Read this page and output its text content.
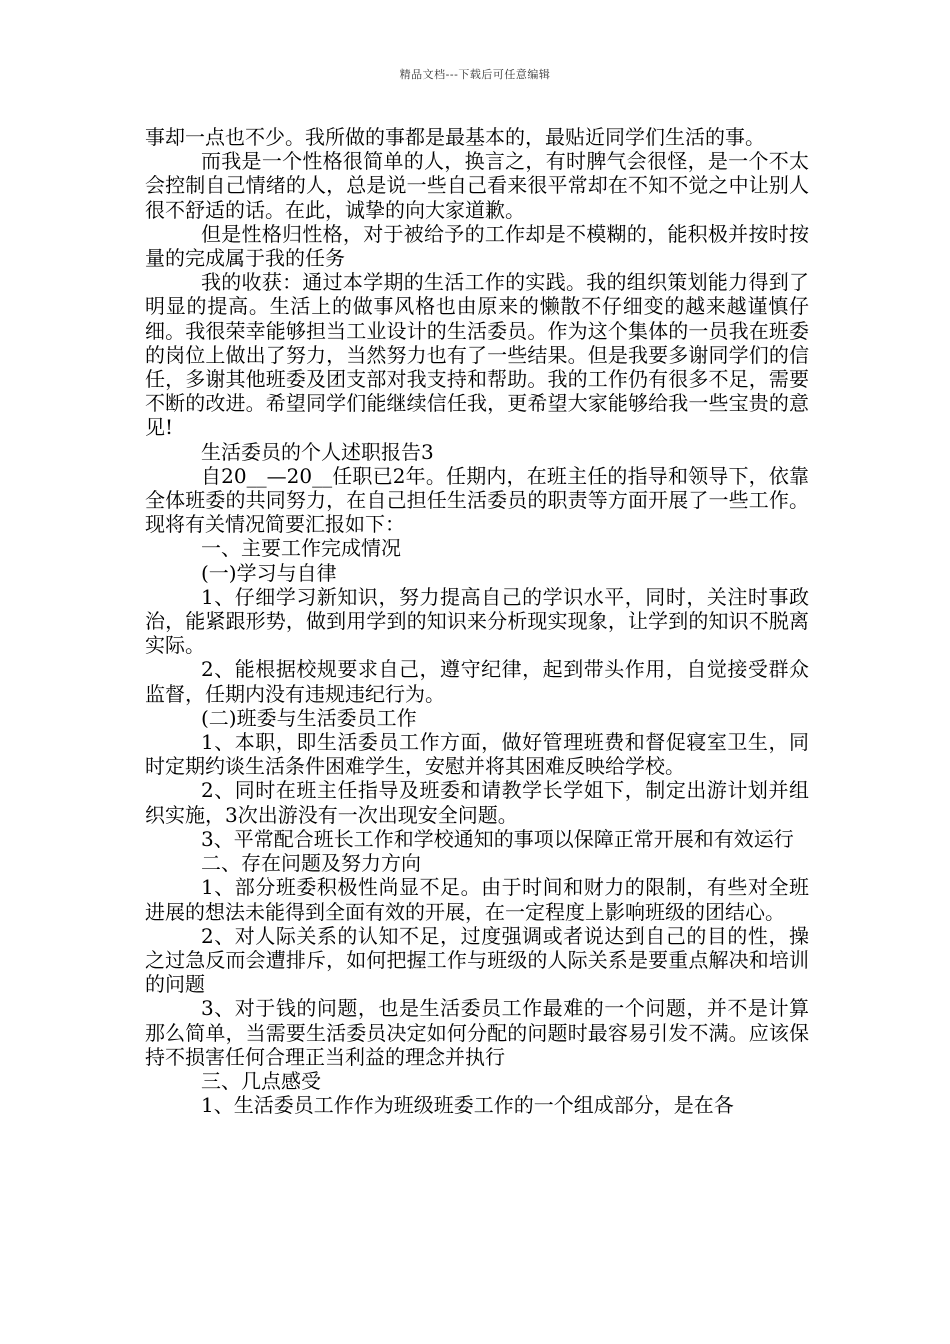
精品文档---下载后可任意编辑

事却一点也不少。我所做的事都是最基本的，最贴近同学们生活的事。

而我是一个性格很简单的人，换言之，有时脾气会很怪，是一个不太会控制自己情绪的人，总是说一些自己看来很平常却在不知不觉之中让别人很不舒适的话。在此，诚挚的向大家道歉。

但是性格归性格，对于被给予的工作却是不模糊的，能积极并按时按量的完成属于我的任务

我的收获：通过本学期的生活工作的实践。我的组织策划能力得到了明显的提高。生活上的做事风格也由原来的懒散不仔细变的越来越谨慎仔细。我很荣幸能够担当工业设计的生活委员。作为这个集体的一员我在班委的岗位上做出了努力，当然努力也有了一些结果。但是我要多谢同学们的信任，多谢其他班委及团支部对我支持和帮助。我的工作仍有很多不足，需要不断的改进。希望同学们能继续信任我，更希望大家能够给我一些宝贵的意见!

生活委员的个人述职报告3

自20__—20__任职已2年。任期内，在班主任的指导和领导下，依靠全体班委的共同努力，在自己担任生活委员的职责等方面开展了一些工作。现将有关情况简要汇报如下：

一、主要工作完成情况

(一)学习与自律

1、仔细学习新知识，努力提高自己的学识水平，同时，关注时事政治，能紧跟形势，做到用学到的知识来分析现实现象，让学到的知识不脱离实际。

2、能根据校规要求自己，遵守纪律，起到带头作用，自觉接受群众监督，任期内没有违规违纪行为。

(二)班委与生活委员工作

1、本职，即生活委员工作方面，做好管理班费和督促寝室卫生，同时定期约谈生活条件困难学生，安慰并将其困难反映给学校。

2、同时在班主任指导及班委和请教学长学姐下，制定出游计划并组织实施，3次出游没有一次出现安全问题。

3、平常配合班长工作和学校通知的事项以保障正常开展和有效运行

二、存在问题及努力方向

1、部分班委积极性尚显不足。由于时间和财力的限制，有些对全班进展的想法未能得到全面有效的开展，在一定程度上影响班级的团结心。

2、对人际关系的认知不足，过度强调或者说达到自己的目的性，操之过急反而会遭排斥，如何把握工作与班级的人际关系是要重点解决和培训的问题

3、对于钱的问题，也是生活委员工作最难的一个问题，并不是计算那么简单，当需要生活委员决定如何分配的问题时最容易引发不满。应该保持不损害任何合理正当利益的理念并执行

三、几点感受

1、生活委员工作作为班级班委工作的一个组成部分，是在各
